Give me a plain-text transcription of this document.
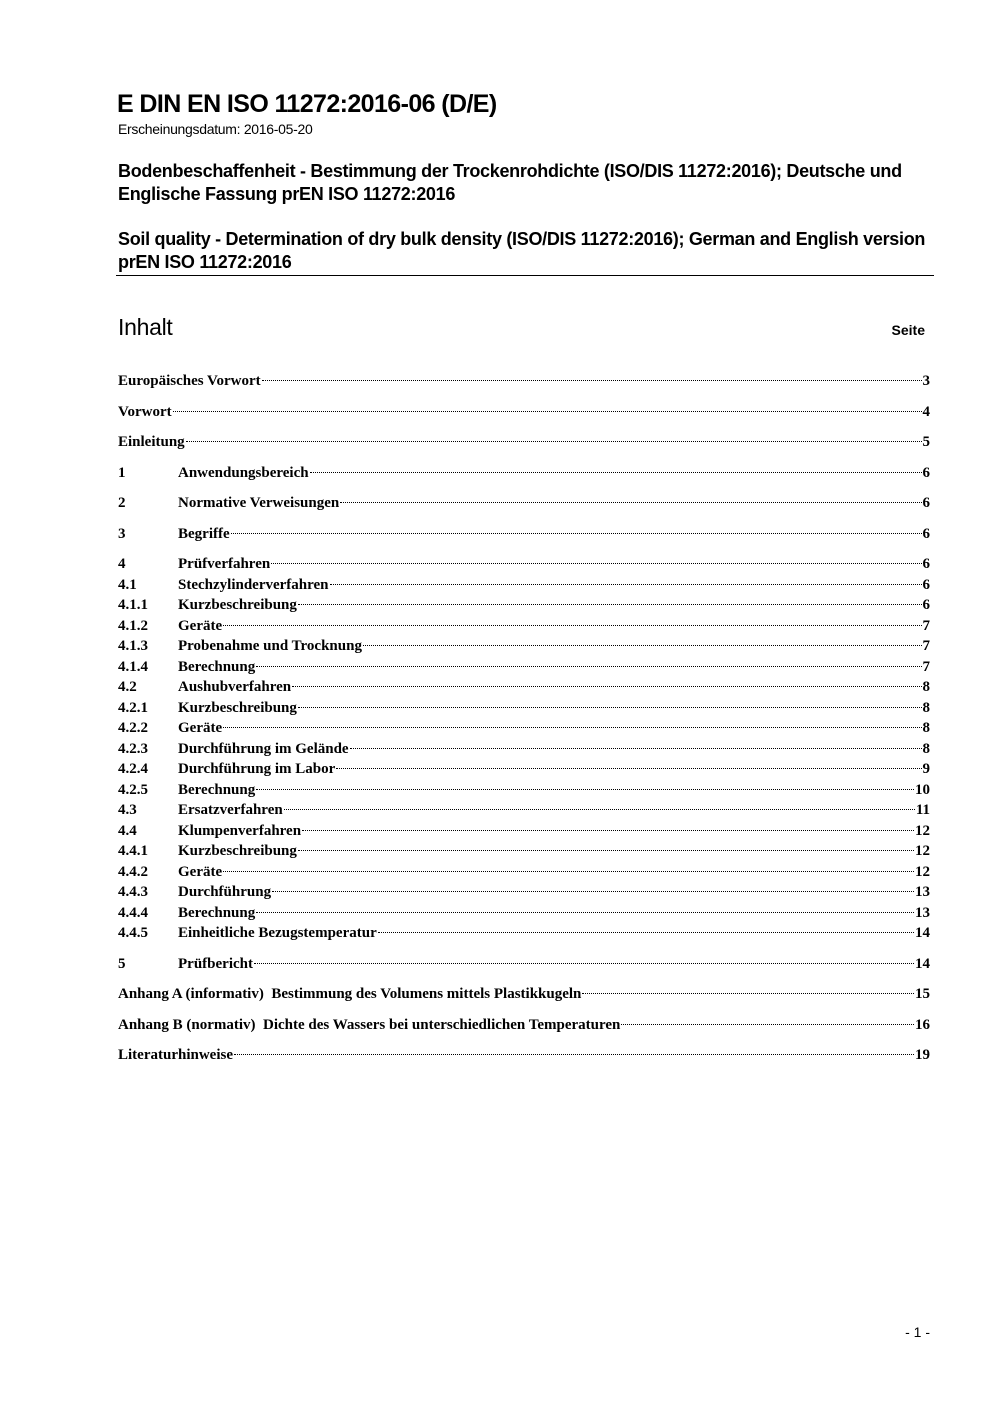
E DIN EN ISO 11272:2016-06 (D/E)
Erscheinungsdatum: 2016-05-20
Bodenbeschaffenheit - Bestimmung der Trockenrohdichte (ISO/DIS 11272:2016); Deutsche und Englische Fassung prEN ISO 11272:2016
Soil quality - Determination of dry bulk density (ISO/DIS 11272:2016); German and English version prEN ISO 11272:2016
Inhalt	Seite
Europäisches Vorwort	3
Vorwort	4
Einleitung	5
1	Anwendungsbereich	6
2	Normative Verweisungen	6
3	Begriffe	6
4	Prüfverfahren	6
4.1	Stechzylinderverfahren	6
4.1.1	Kurzbeschreibung	6
4.1.2	Geräte	7
4.1.3	Probenahme und Trocknung	7
4.1.4	Berechnung	7
4.2	Aushubverfahren	8
4.2.1	Kurzbeschreibung	8
4.2.2	Geräte	8
4.2.3	Durchführung im Gelände	8
4.2.4	Durchführung im Labor	9
4.2.5	Berechnung	10
4.3	Ersatzverfahren	11
4.4	Klumpenverfahren	12
4.4.1	Kurzbeschreibung	12
4.4.2	Geräte	12
4.4.3	Durchführung	13
4.4.4	Berechnung	13
4.4.5	Einheitliche Bezugstemperatur	14
5	Prüfbericht	14
Anhang A (informativ)  Bestimmung des Volumens mittels Plastikkugeln	15
Anhang B (normativ)  Dichte des Wassers bei unterschiedlichen Temperaturen	16
Literaturhinweise	19
- 1 -
